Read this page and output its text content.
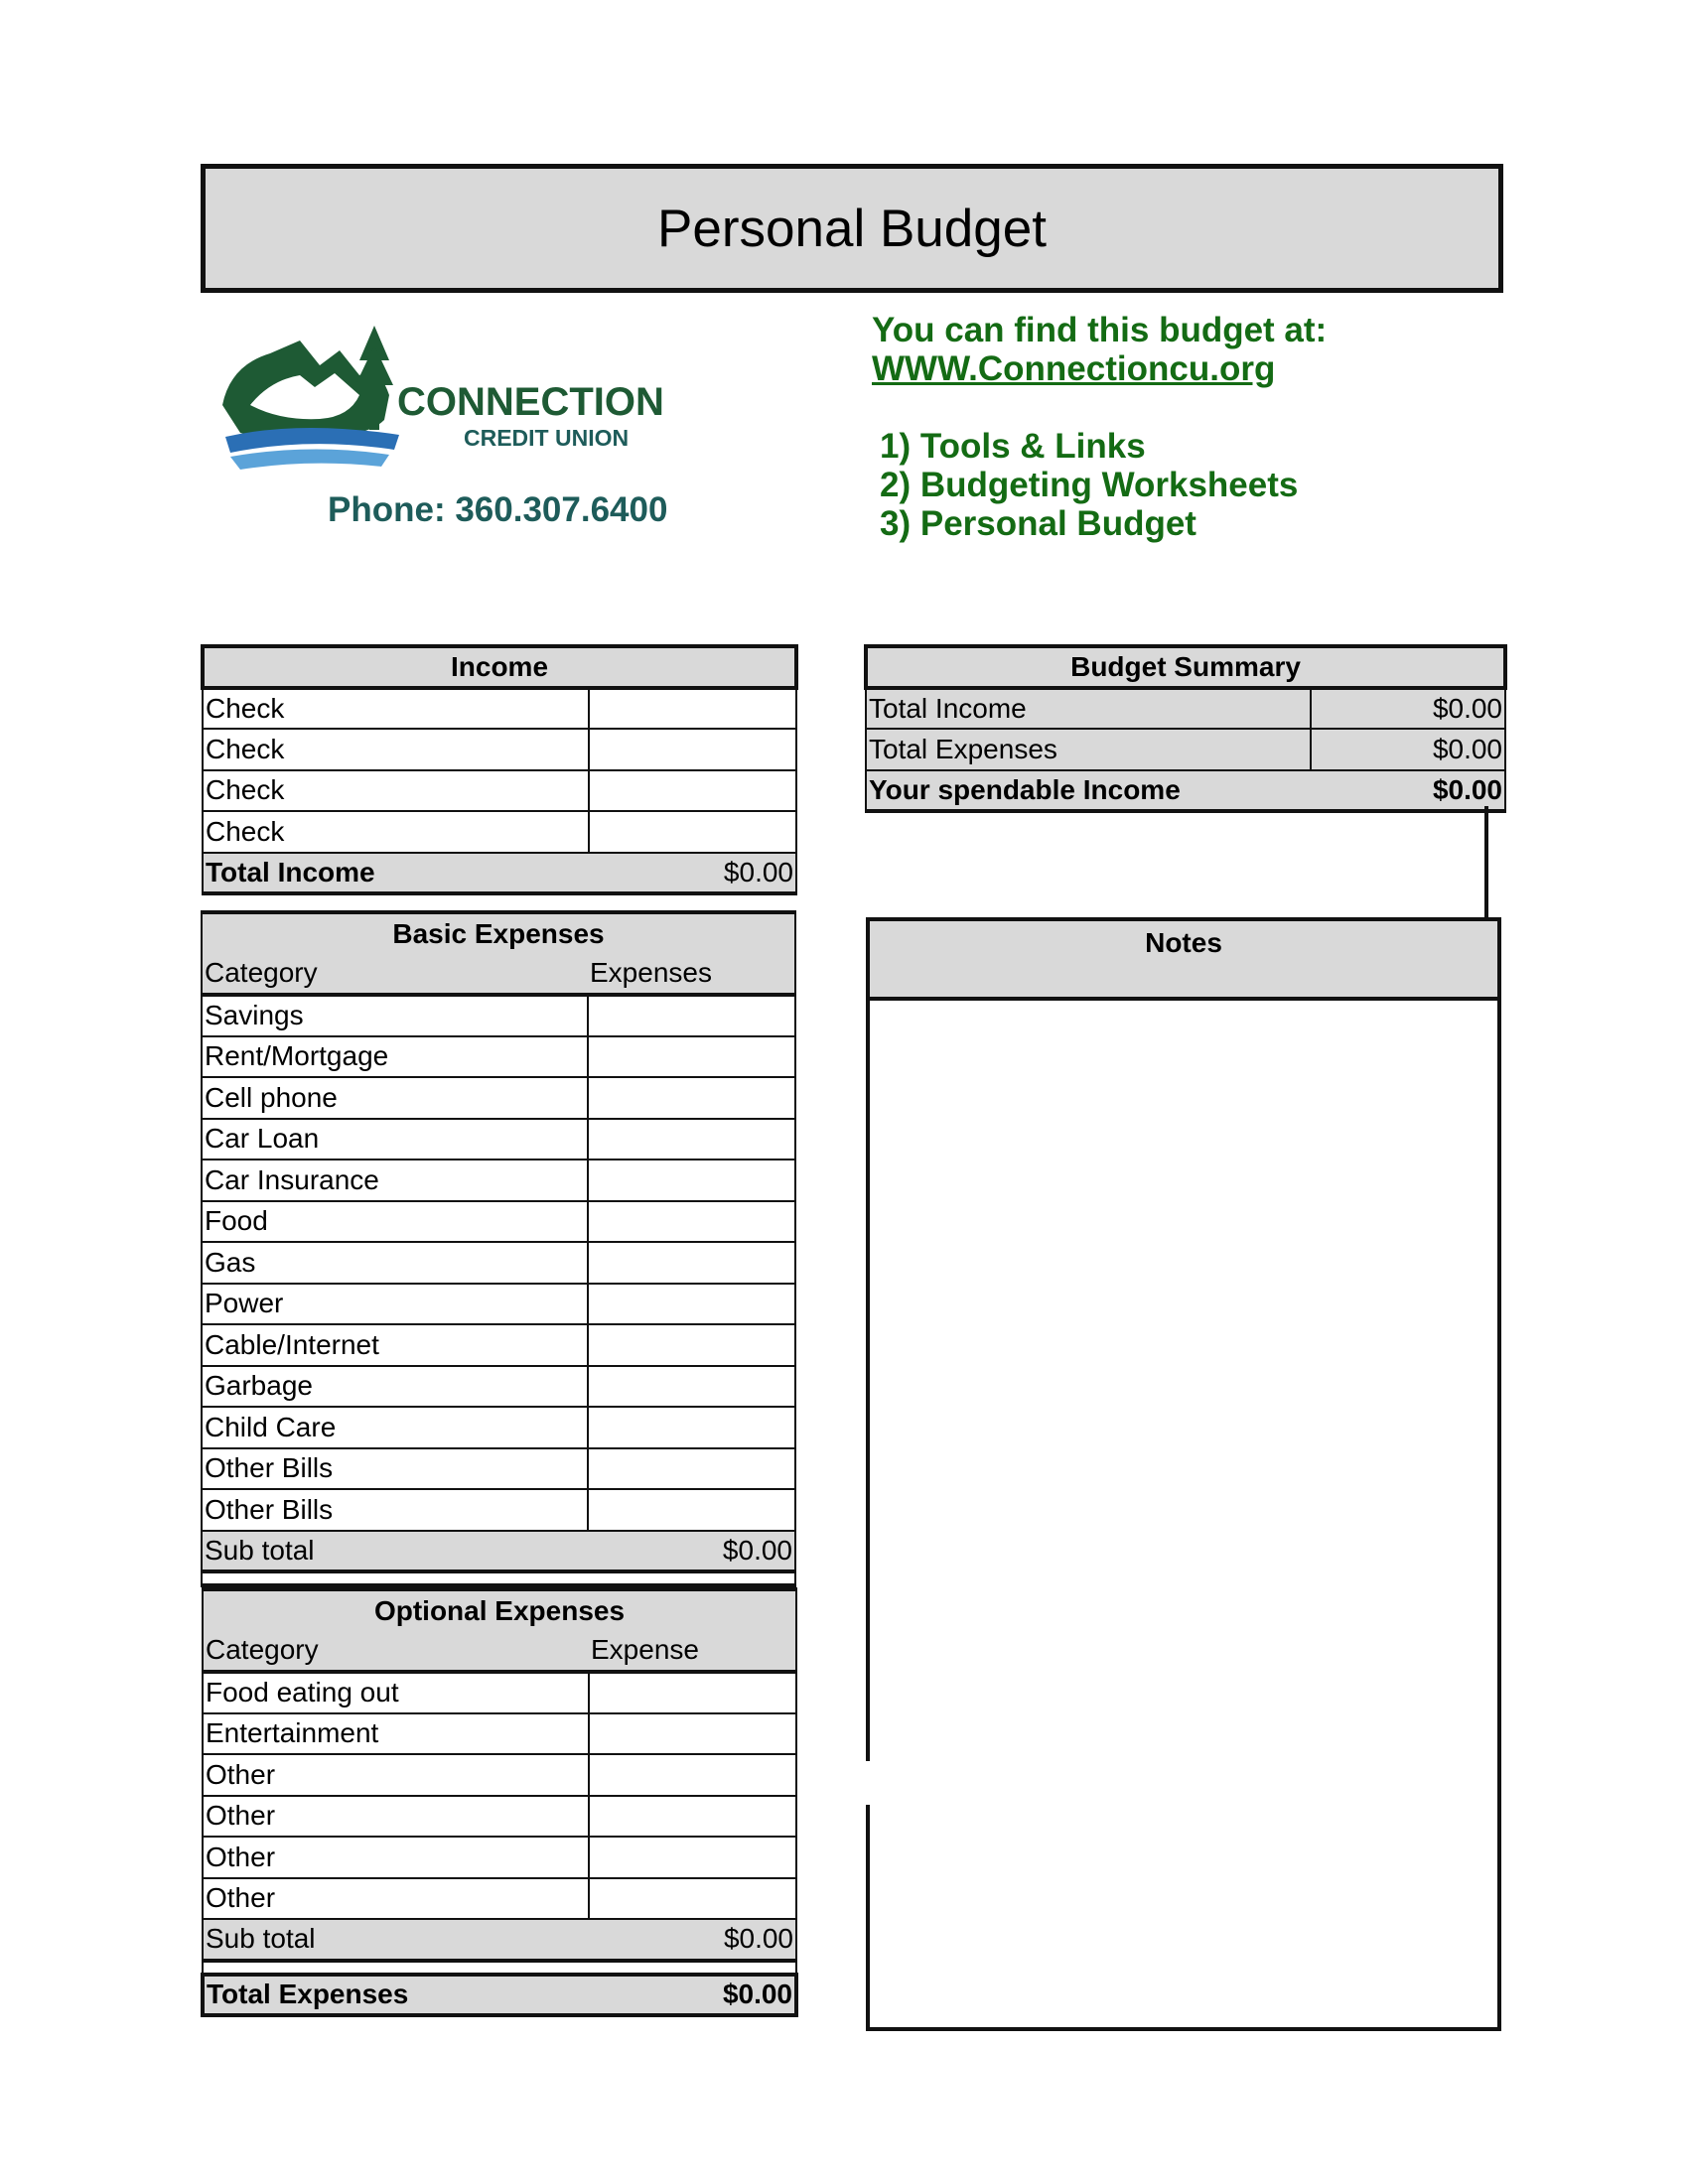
Personal Budget
CONNECTION
CREDIT UNION
Phone: 360.307.6400
You can find this budget at:
WWW.Connectioncu.org
1) Tools & Links
2) Budgeting Worksheets
3) Personal Budget
Income	
Check	
Check	
Check	
Check	
Total Income	$0.00
Budget Summary	
Total Income	$0.00
Total Expenses	$0.00
Your spendable Income	$0.00
Basic Expenses	
Category	Expenses
Savings	
Rent/Mortgage	
Cell phone	
Car Loan	
Car Insurance	
Food	
Gas	
Power	
Cable/Internet	
Garbage	
Child Care	
Other Bills	
Other Bills	
Sub total	$0.00

Optional Expenses	
Category	Expense
Food eating out	
Entertainment	
Other	
Other	
Other	
Other	
Sub total	$0.00

Total Expenses	$0.00
Notes
